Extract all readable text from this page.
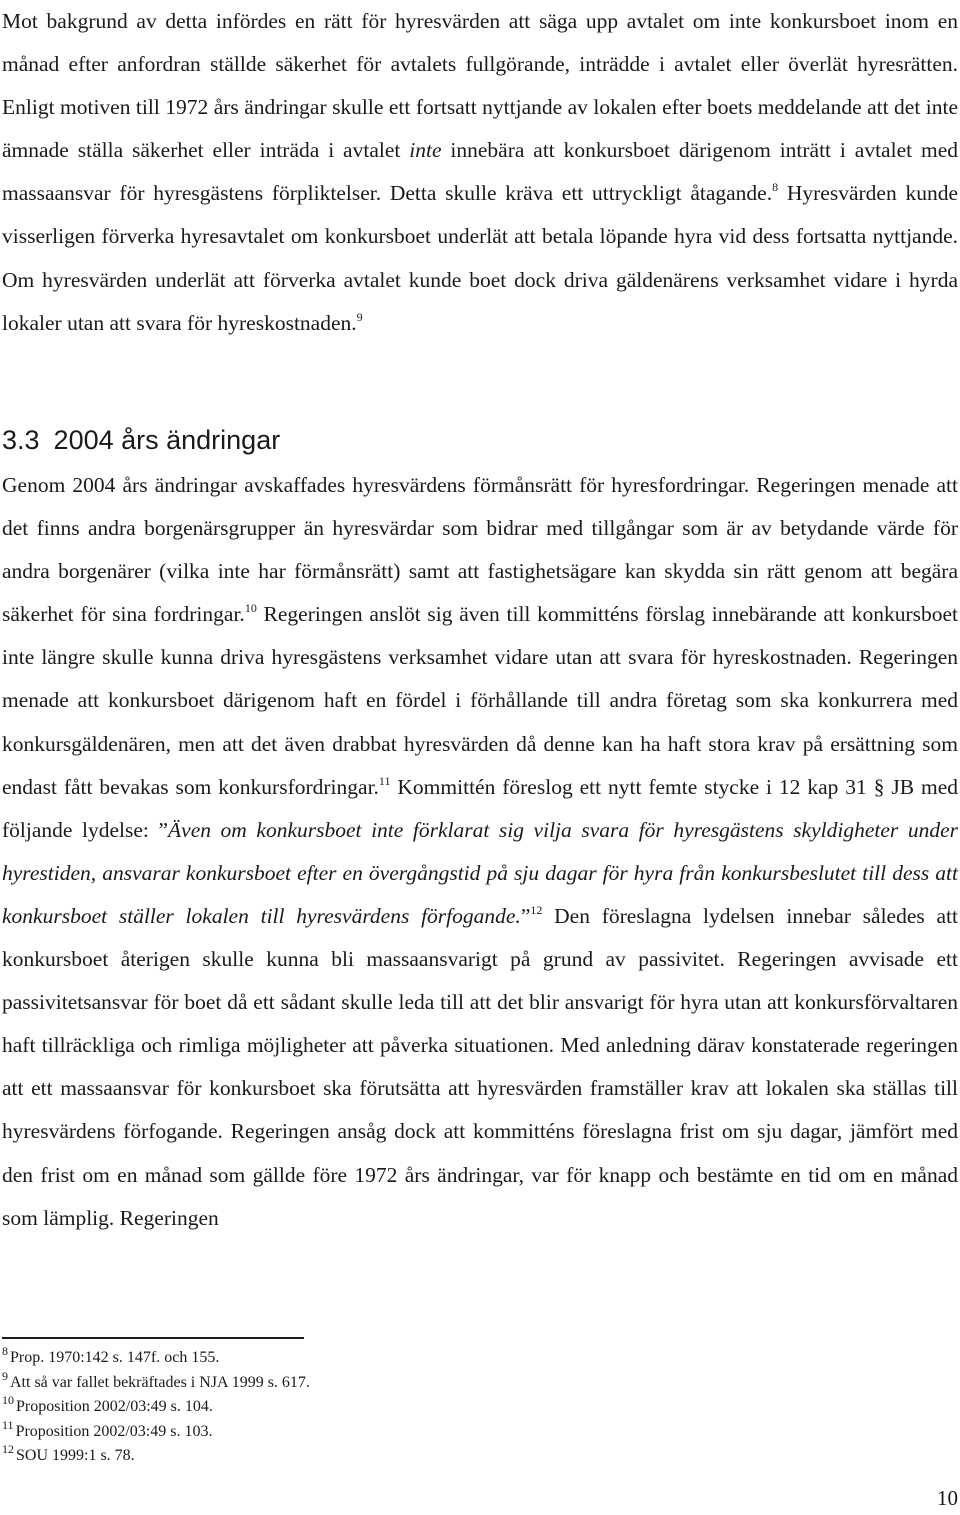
Mot bakgrund av detta infördes en rätt för hyresvärden att säga upp avtalet om inte konkursboet inom en månad efter anfordran ställde säkerhet för avtalets fullgörande, inträdde i avtalet eller överlät hyresrätten. Enligt motiven till 1972 års ändringar skulle ett fortsatt nyttjande av lokalen efter boets meddelande att det inte ämnade ställa säkerhet eller inträda i avtalet inte innebära att konkursboet därigenom inträtt i avtalet med massaansvar för hyresgästens förpliktelser. Detta skulle kräva ett uttryckligt åtagande.$^8$ Hyresvärden kunde visserligen förverka hyresavtalet om konkursboet underlät att betala löpande hyra vid dess fortsatta nyttjande. Om hyresvärden underlät att förverka avtalet kunde boet dock driva gäldenärens verksamhet vidare i hyrda lokaler utan att svara för hyreskostnaden.$^9$

3.3 2004 års ändringar

Genom 2004 års ändringar avskaffades hyresvärdens förmånsrätt för hyresfordringar. Regeringen menade att det finns andra borgenärsgrupper än hyresvärdar som bidrar med tillgångar som är av betydande värde för andra borgenärer (vilka inte har förmånsrätt) samt att fastighetsägare kan skydda sin rätt genom att begära säkerhet för sina fordringar.$^{10}$ Regeringen anslöt sig även till kommitténs förslag innebärande att konkursboet inte längre skulle kunna driva hyresgästens verksamhet vidare utan att svara för hyreskostnaden. Regeringen menade att konkursboet därigenom haft en fördel i förhållande till andra företag som ska konkurrera med konkursgäldenären, men att det även drabbat hyresvärden då denne kan ha haft stora krav på ersättning som endast fått bevakas som konkursfordringar.$^{11}$ Kommittén föreslog ett nytt femte stycke i 12 kap 31 § JB med följande lydelse: ”Även om konkursboet inte förklarat sig vilja svara för hyresgästens skyldigheter under hyrestiden, ansvarar konkursboet efter en övergångstid på sju dagar för hyra från konkursbeslutet till dess att konkursboet ställer lokalen till hyresvärdens förfogande.”$^{12}$ Den föreslagna lydelsen innebar således att konkursboet återigen skulle kunna bli massaansvarigt på grund av passivitet. Regeringen avvisade ett passivitetsansvar för boet då ett sådant skulle leda till att det blir ansvarigt för hyra utan att konkursförvaltaren haft tillräckliga och rimliga möjligheter att påverka situationen. Med anledning därav konstaterade regeringen att ett massaansvar för konkursboet ska förutsätta att hyresvärden framställer krav att lokalen ska ställas till hyresvärdens förfogande. Regeringen ansåg dock att kommitténs föreslagna frist om sju dagar, jämfört med den frist om en månad som gällde före 1972 års ändringar, var för knapp och bestämte en tid om en månad som lämplig. Regeringen

$^8$ Prop. 1970:142 s. 147f. och 155.
$^9$ Att så var fallet bekräftades i NJA 1999 s. 617.
$^{10}$ Proposition 2002/03:49 s. 104.
$^{11}$ Proposition 2002/03:49 s. 103.
$^{12}$ SOU 1999:1 s. 78.
10
